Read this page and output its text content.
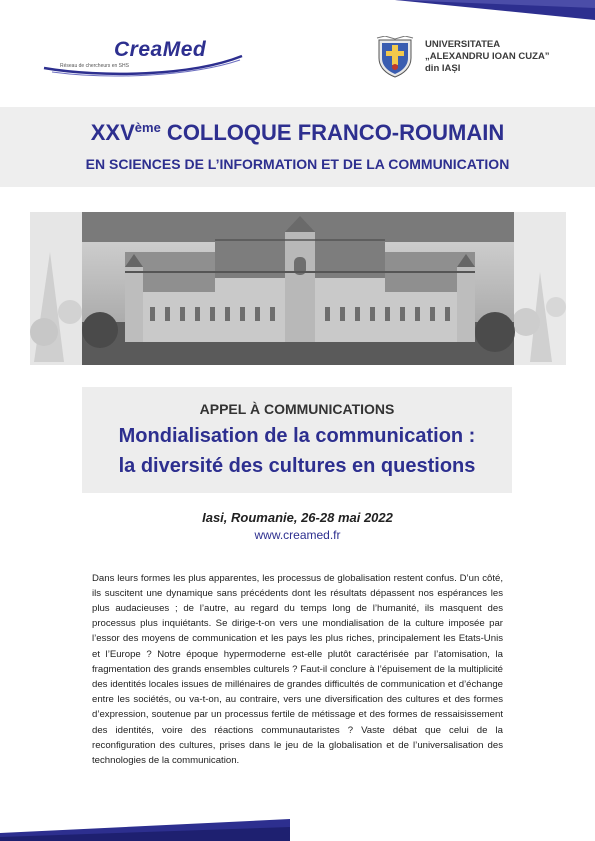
CreaMed
Réseau de chercheurs en SHS
UNIVERSITATEA
„ALEXANDRU IOAN CUZA”
din IAȘI
XXVème COLLOQUE FRANCO-ROUMAIN
EN SCIENCES DE L’INFORMATION ET DE LA COMMUNICATION
APPEL À COMMUNICATIONS
Mondialisation de la communication :
la diversité des cultures en questions
Iasi, Roumanie, 26-28 mai 2022
www.creamed.fr

Dans leurs formes les plus apparentes, les processus de globalisation restent confus. D’un côté, ils suscitent une dynamique sans précédents dont les résultats dépassent nos espérances les plus audacieuses ; de l’autre, au regard du temps long de l’humanité, ils masquent des processus plus inquiétants. Se dirige-t-on vers une mondialisation de la culture imposée par l’essor des moyens de communication et les pays les plus riches, principalement les Etats-Unis et l’Europe ? Notre époque hypermoderne est-elle plutôt caractérisée par l’atomisation, la fragmentation des grands ensembles culturels ? Faut-il conclure à l’épuisement de la multiplicité des identités locales issues de millénaires de grandes difficultés de communication et d’échange entre les sociétés, ou va-t-on, au contraire, vers une diversification des cultures et des formes d’expression, soutenue par un processus fertile de métissage et des formes de ressaisissement des identités, voire des réactions communautaristes ? Vaste débat que celui de la reconfiguration des cultures, prises dans le jeu de la globalisation et de l’universalisation des technologies de la communication.
